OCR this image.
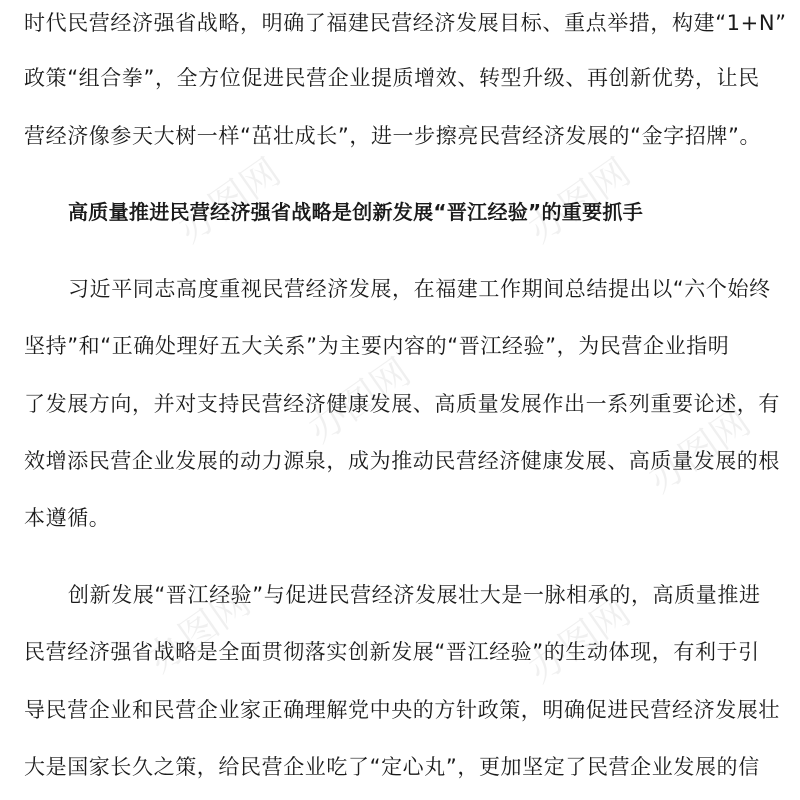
办图网	办图网
办图网	办图网
办图网	办图网
时代民营经济强省战略，明确了福建民营经济发展目标、重点举措，构建“1+N”
政策“组合拳”，全方位促进民营企业提质增效、转型升级、再创新优势，让民
营经济像参天大树一样“茁壮成长”，进一步擦亮民营经济发展的“金字招牌”。
高质量推进民营经济强省战略是创新发展“晋江经验”的重要抓手
习近平同志高度重视民营经济发展，在福建工作期间总结提出以“六个始终
坚持”和“正确处理好五大关系”为主要内容的“晋江经验”，为民营企业指明
了发展方向，并对支持民营经济健康发展、高质量发展作出一系列重要论述，有
效增添民营企业发展的动力源泉，成为推动民营经济健康发展、高质量发展的根
本遵循。
创新发展“晋江经验”与促进民营经济发展壮大是一脉相承的，高质量推进
民营经济强省战略是全面贯彻落实创新发展“晋江经验”的生动体现，有利于引
导民营企业和民营企业家正确理解党中央的方针政策，明确促进民营经济发展壮
大是国家长久之策，给民营企业吃了“定心丸”，更加坚定了民营企业发展的信
